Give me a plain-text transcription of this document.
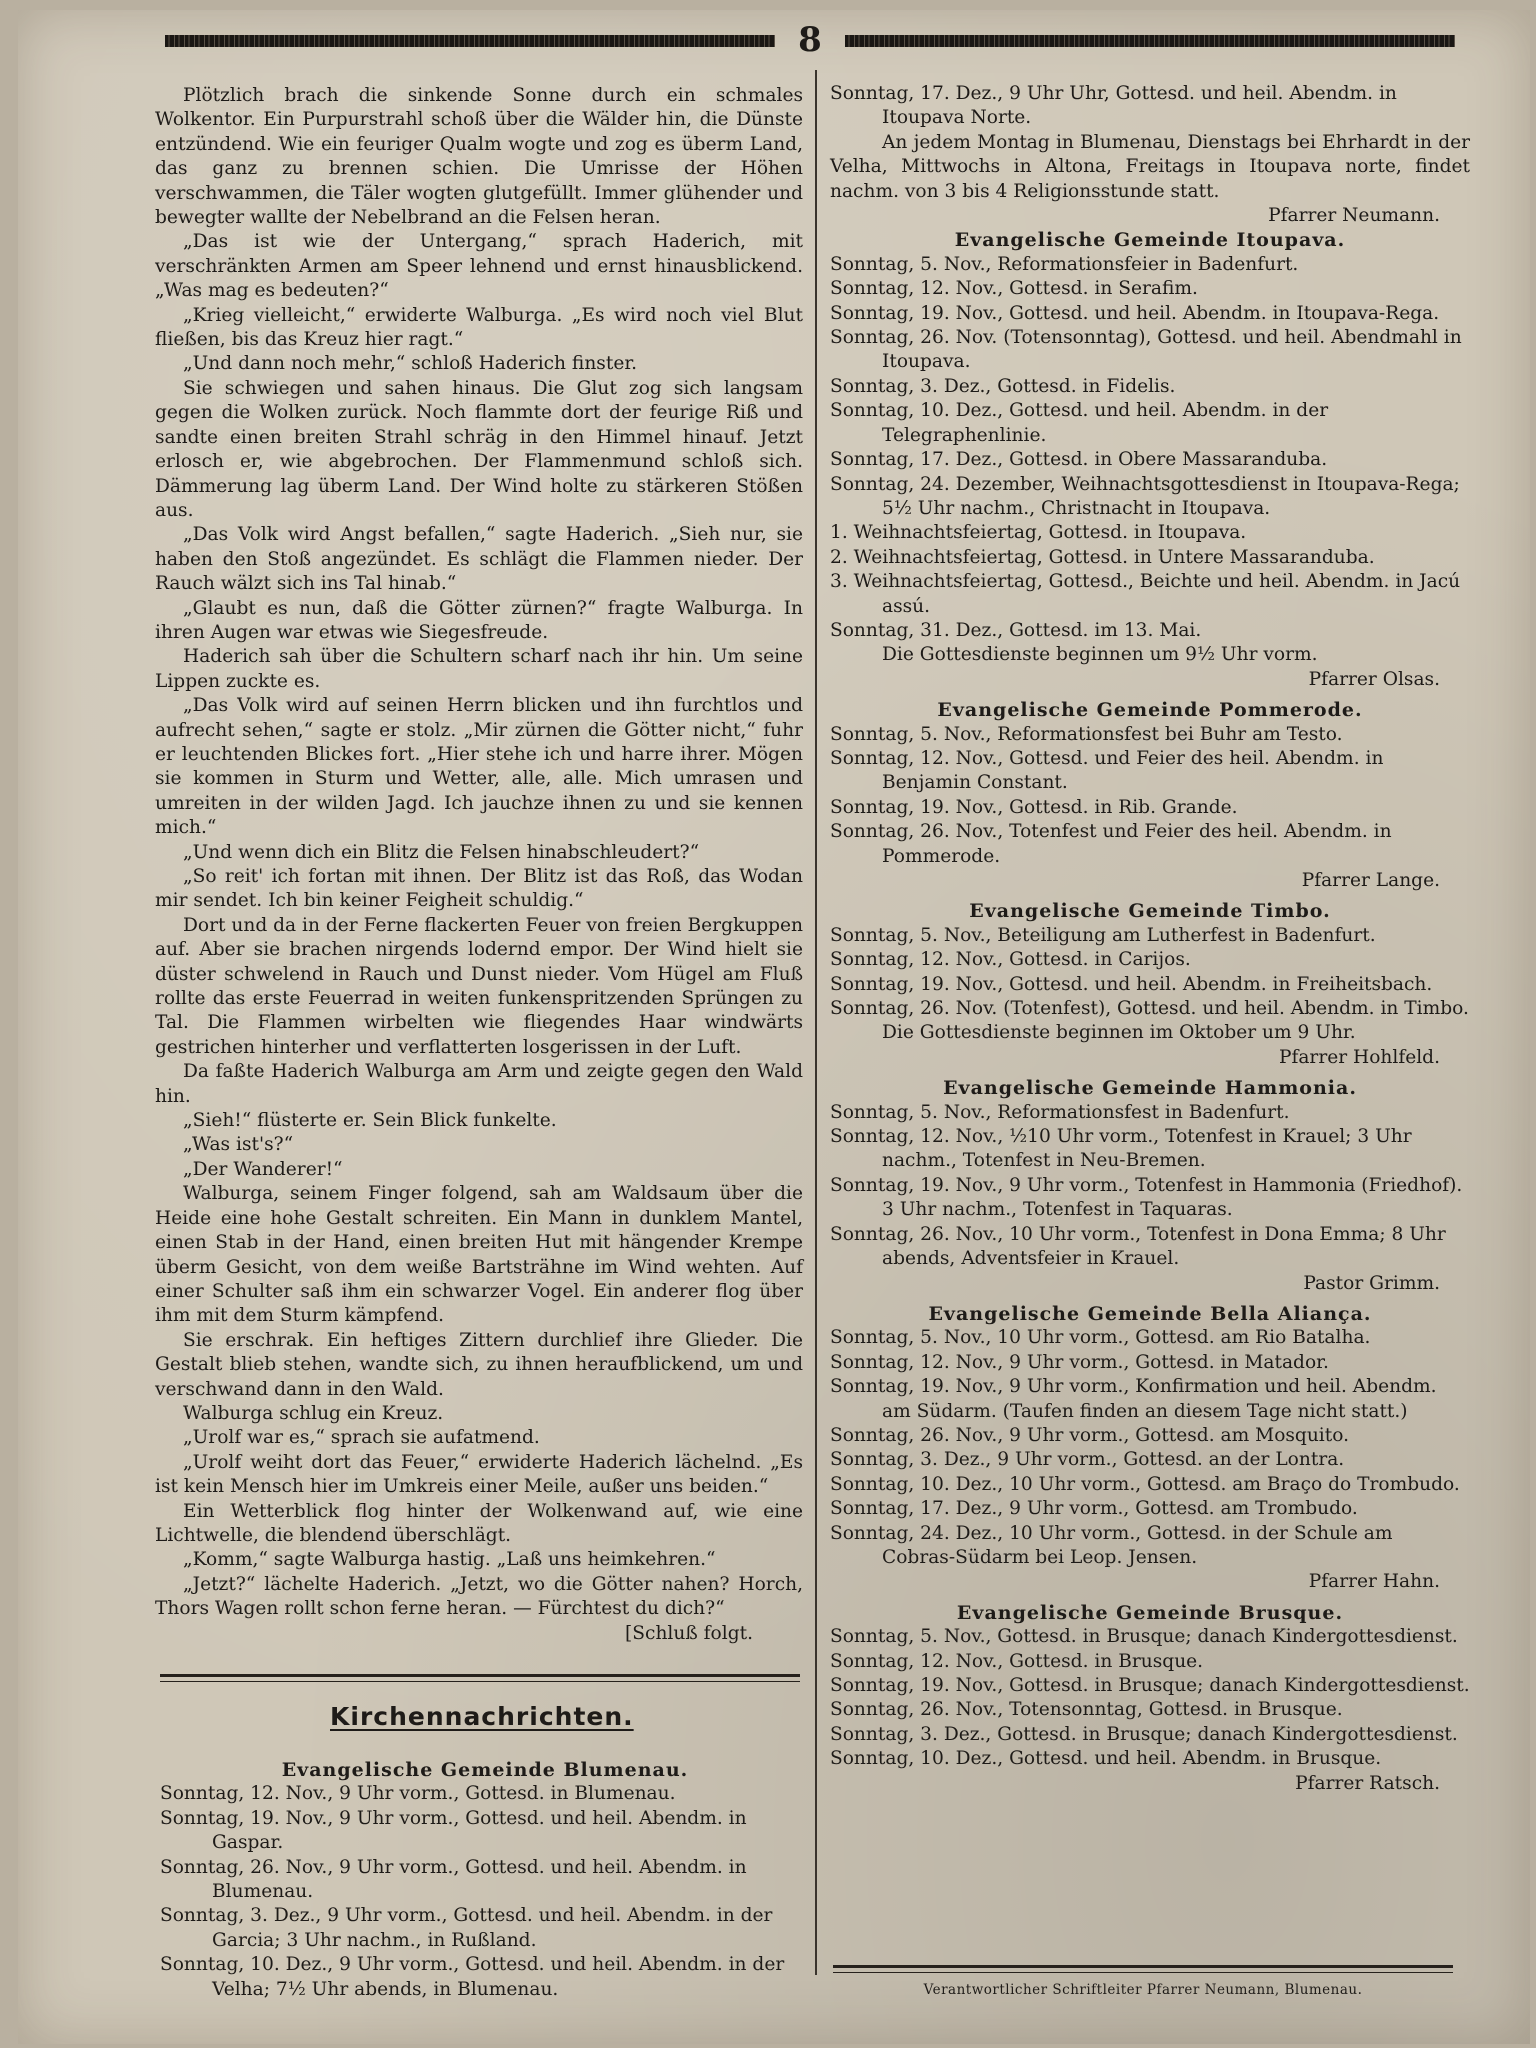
8

Plötzlich brach die sinkende Sonne durch ein schmales Wolkentor. Ein Purpurstrahl schoß über die Wälder hin, die Dünste entzündend. Wie ein feuriger Qualm wogte und zog es überm Land, das ganz zu brennen schien. Die Umrisse der Höhen verschwammen, die Täler wogten glutgefüllt. Immer glühender und bewegter wallte der Nebelbrand an die Felsen heran.

„Das ist wie der Untergang,“ sprach Haderich, mit verschränkten Armen am Speer lehnend und ernst hinausblickend. „Was mag es bedeuten?“

„Krieg vielleicht,“ erwiderte Walburga. „Es wird noch viel Blut fließen, bis das Kreuz hier ragt.“

„Und dann noch mehr,“ schloß Haderich finster.

Sie schwiegen und sahen hinaus. Die Glut zog sich langsam gegen die Wolken zurück. Noch flammte dort der feurige Riß und sandte einen breiten Strahl schräg in den Himmel hinauf. Jetzt erlosch er, wie abgebrochen. Der Flammenmund schloß sich. Dämmerung lag überm Land. Der Wind holte zu stärkeren Stößen aus.

„Das Volk wird Angst befallen,“ sagte Haderich. „Sieh nur, sie haben den Stoß angezündet. Es schlägt die Flammen nieder. Der Rauch wälzt sich ins Tal hinab.“

„Glaubt es nun, daß die Götter zürnen?“ fragte Walburga. In ihren Augen war etwas wie Siegesfreude.

Haderich sah über die Schultern scharf nach ihr hin. Um seine Lippen zuckte es.

„Das Volk wird auf seinen Herrn blicken und ihn furchtlos und aufrecht sehen,“ sagte er stolz. „Mir zürnen die Götter nicht,“ fuhr er leuchtenden Blickes fort. „Hier stehe ich und harre ihrer. Mögen sie kommen in Sturm und Wetter, alle, alle. Mich umrasen und umreiten in der wilden Jagd. Ich jauchze ihnen zu und sie kennen mich.“

„Und wenn dich ein Blitz die Felsen hinabschleudert?“

„So reit' ich fortan mit ihnen. Der Blitz ist das Roß, das Wodan mir sendet. Ich bin keiner Feigheit schuldig.“

Dort und da in der Ferne flackerten Feuer von freien Bergkuppen auf. Aber sie brachen nirgends lodernd empor. Der Wind hielt sie düster schwelend in Rauch und Dunst nieder. Vom Hügel am Fluß rollte das erste Feuerrad in weiten funkenspritzenden Sprüngen zu Tal. Die Flammen wirbelten wie fliegendes Haar windwärts gestrichen hinterher und verflatterten losgerissen in der Luft.

Da faßte Haderich Walburga am Arm und zeigte gegen den Wald hin.

„Sieh!“ flüsterte er. Sein Blick funkelte.

„Was ist's?“

„Der Wanderer!“

Walburga, seinem Finger folgend, sah am Waldsaum über die Heide eine hohe Gestalt schreiten. Ein Mann in dunklem Mantel, einen Stab in der Hand, einen breiten Hut mit hängender Krempe überm Gesicht, von dem weiße Bartsträhne im Wind wehten. Auf einer Schulter saß ihm ein schwarzer Vogel. Ein anderer flog über ihm mit dem Sturm kämpfend.

Sie erschrak. Ein heftiges Zittern durchlief ihre Glieder. Die Gestalt blieb stehen, wandte sich, zu ihnen heraufblickend, um und verschwand dann in den Wald.

Walburga schlug ein Kreuz.

„Urolf war es,“ sprach sie aufatmend.

„Urolf weiht dort das Feuer,“ erwiderte Haderich lächelnd. „Es ist kein Mensch hier im Umkreis einer Meile, außer uns beiden.“

Ein Wetterblick flog hinter der Wolkenwand auf, wie eine Lichtwelle, die blendend überschlägt.

„Komm,“ sagte Walburga hastig. „Laß uns heimkehren.“

„Jetzt?“ lächelte Haderich. „Jetzt, wo die Götter nahen? Horch, Thors Wagen rollt schon ferne heran. — Fürchtest du dich?“

[Schluß folgt.
Kirchennachrichten.
Evangelische Gemeinde Blumenau.
Sonntag, 12. Nov., 9 Uhr vorm., Gottesd. in Blumenau.
Sonntag, 19. Nov., 9 Uhr vorm., Gottesd. und heil. Abendm. in Gaspar.
Sonntag, 26. Nov., 9 Uhr vorm., Gottesd. und heil. Abendm. in Blumenau.
Sonntag, 3. Dez., 9 Uhr vorm., Gottesd. und heil. Abendm. in der Garcia; 3 Uhr nachm., in Rußland.
Sonntag, 10. Dez., 9 Uhr vorm., Gottesd. und heil. Abendm. in der Velha; 7½ Uhr abends, in Blumenau.
Sonntag, 17. Dez., 9 Uhr Uhr, Gottesd. und heil. Abendm. in Itoupava Norte.
An jedem Montag in Blumenau, Dienstags bei Ehrhardt in der Velha, Mittwochs in Altona, Freitags in Itoupava norte, findet nachm. von 3 bis 4 Religionsstunde statt.
Pfarrer Neumann.
Evangelische Gemeinde Itoupava.
Sonntag, 5. Nov., Reformationsfeier in Badenfurt.
Sonntag, 12. Nov., Gottesd. in Serafim.
Sonntag, 19. Nov., Gottesd. und heil. Abendm. in Itoupava-Rega.
Sonntag, 26. Nov. (Totensonntag), Gottesd. und heil. Abendmahl in Itoupava.
Sonntag, 3. Dez., Gottesd. in Fidelis.
Sonntag, 10. Dez., Gottesd. und heil. Abendm. in der Telegraphenlinie.
Sonntag, 17. Dez., Gottesd. in Obere Massaranduba.
Sonntag, 24. Dezember, Weihnachtsgottesdienst in Itoupava-Rega; 5½ Uhr nachm., Christnacht in Itoupava.
1. Weihnachtsfeiertag, Gottesd. in Itoupava.
2. Weihnachtsfeiertag, Gottesd. in Untere Massaranduba.
3. Weihnachtsfeiertag, Gottesd., Beichte und heil. Abendm. in Jacú assú.
Sonntag, 31. Dez., Gottesd. im 13. Mai.
Die Gottesdienste beginnen um 9½ Uhr vorm.
Pfarrer Olsas.
Evangelische Gemeinde Pommerode.
Sonntag, 5. Nov., Reformationsfest bei Buhr am Testo.
Sonntag, 12. Nov., Gottesd. und Feier des heil. Abendm. in Benjamin Constant.
Sonntag, 19. Nov., Gottesd. in Rib. Grande.
Sonntag, 26. Nov., Totenfest und Feier des heil. Abendm. in Pommerode.
Pfarrer Lange.
Evangelische Gemeinde Timbo.
Sonntag, 5. Nov., Beteiligung am Lutherfest in Badenfurt.
Sonntag, 12. Nov., Gottesd. in Carijos.
Sonntag, 19. Nov., Gottesd. und heil. Abendm. in Freiheitsbach.
Sonntag, 26. Nov. (Totenfest), Gottesd. und heil. Abendm. in Timbo.
Die Gottesdienste beginnen im Oktober um 9 Uhr.
Pfarrer Hohlfeld.
Evangelische Gemeinde Hammonia.
Sonntag, 5. Nov., Reformationsfest in Badenfurt.
Sonntag, 12. Nov., ½10 Uhr vorm., Totenfest in Krauel; 3 Uhr nachm., Totenfest in Neu-Bremen.
Sonntag, 19. Nov., 9 Uhr vorm., Totenfest in Hammonia (Friedhof). 3 Uhr nachm., Totenfest in Taquaras.
Sonntag, 26. Nov., 10 Uhr vorm., Totenfest in Dona Emma; 8 Uhr abends, Adventsfeier in Krauel.
Pastor Grimm.
Evangelische Gemeinde Bella Aliança.
Sonntag, 5. Nov., 10 Uhr vorm., Gottesd. am Rio Batalha.
Sonntag, 12. Nov., 9 Uhr vorm., Gottesd. in Matador.
Sonntag, 19. Nov., 9 Uhr vorm., Konfirmation und heil. Abendm. am Südarm. (Taufen finden an diesem Tage nicht statt.)
Sonntag, 26. Nov., 9 Uhr vorm., Gottesd. am Mosquito.
Sonntag, 3. Dez., 9 Uhr vorm., Gottesd. an der Lontra.
Sonntag, 10. Dez., 10 Uhr vorm., Gottesd. am Braço do Trombudo.
Sonntag, 17. Dez., 9 Uhr vorm., Gottesd. am Trombudo.
Sonntag, 24. Dez., 10 Uhr vorm., Gottesd. in der Schule am Cobras-Südarm bei Leop. Jensen.
Pfarrer Hahn.
Evangelische Gemeinde Brusque.
Sonntag, 5. Nov., Gottesd. in Brusque; danach Kindergottesdienst.
Sonntag, 12. Nov., Gottesd. in Brusque.
Sonntag, 19. Nov., Gottesd. in Brusque; danach Kindergottesdienst.
Sonntag, 26. Nov., Totensonntag, Gottesd. in Brusque.
Sonntag, 3. Dez., Gottesd. in Brusque; danach Kindergottesdienst.
Sonntag, 10. Dez., Gottesd. und heil. Abendm. in Brusque.
Pfarrer Ratsch.
Verantwortlicher Schriftleiter Pfarrer Neumann, Blumenau.
